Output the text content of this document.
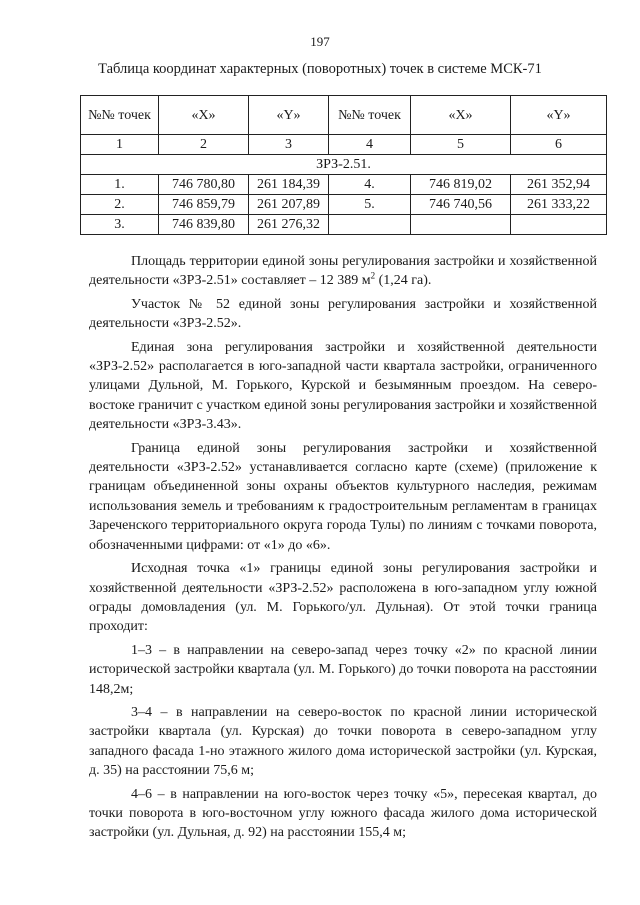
197
Таблица координат характерных (поворотных) точек в системе МСК-71
№№ точек	«X»	«Y»	№№ точек	«X»	«Y»
1	2	3	4	5	6
ЗРЗ-2.51.					
1.	746 780,80	261 184,39	4.	746 819,02	261 352,94
2.	746 859,79	261 207,89	5.	746 740,56	261 333,22
3.	746 839,80	261 276,32			

Площадь территории единой зоны регулирования застройки и хозяйственной деятельности «ЗРЗ-2.51» составляет – 12 389 $м^2$ (1,24 га).

Участок № 52 единой зоны регулирования застройки и хозяйственной деятельности «ЗРЗ-2.52».

Единая зона регулирования застройки и хозяйственной деятельности «ЗРЗ-2.52» располагается в юго-западной части квартала застройки, ограниченного улицами Дульной, М. Горького, Курской и безымянным проездом. На северо-востоке граничит с участком единой зоны регулирования застройки и хозяйственной деятельности «ЗРЗ-3.43».

Граница единой зоны регулирования застройки и хозяйственной деятельности «ЗРЗ-2.52» устанавливается согласно карте (схеме) (приложение к границам объединенной зоны охраны объектов культурного наследия, режимам использования земель и требованиям к градостроительным регламентам в границах Зареченского территориального округа города Тулы) по линиям с точками поворота, обозначенными цифрами: от «1» до «6».

Исходная точка «1» границы единой зоны регулирования застройки и хозяйственной деятельности «ЗРЗ-2.52» расположена в юго-западном углу южной ограды домовладения (ул. М. Горького/ул. Дульная). От этой точки граница проходит:

1–3 – в направлении на северо-запад через точку «2» по красной линии исторической застройки квартала (ул. М. Горького) до точки поворота на расстоянии 148,2м;

3–4 – в направлении на северо-восток по красной линии исторической застройки квартала (ул. Курская) до точки поворота в северо-западном углу западного фасада 1-но этажного жилого дома исторической застройки (ул. Курская, д. 35) на расстоянии 75,6 м;

4–6 – в направлении на юго-восток через точку «5», пересекая квартал, до точки поворота в юго-восточном углу южного фасада жилого дома исторической застройки (ул. Дульная, д. 92) на расстоянии 155,4 м;
